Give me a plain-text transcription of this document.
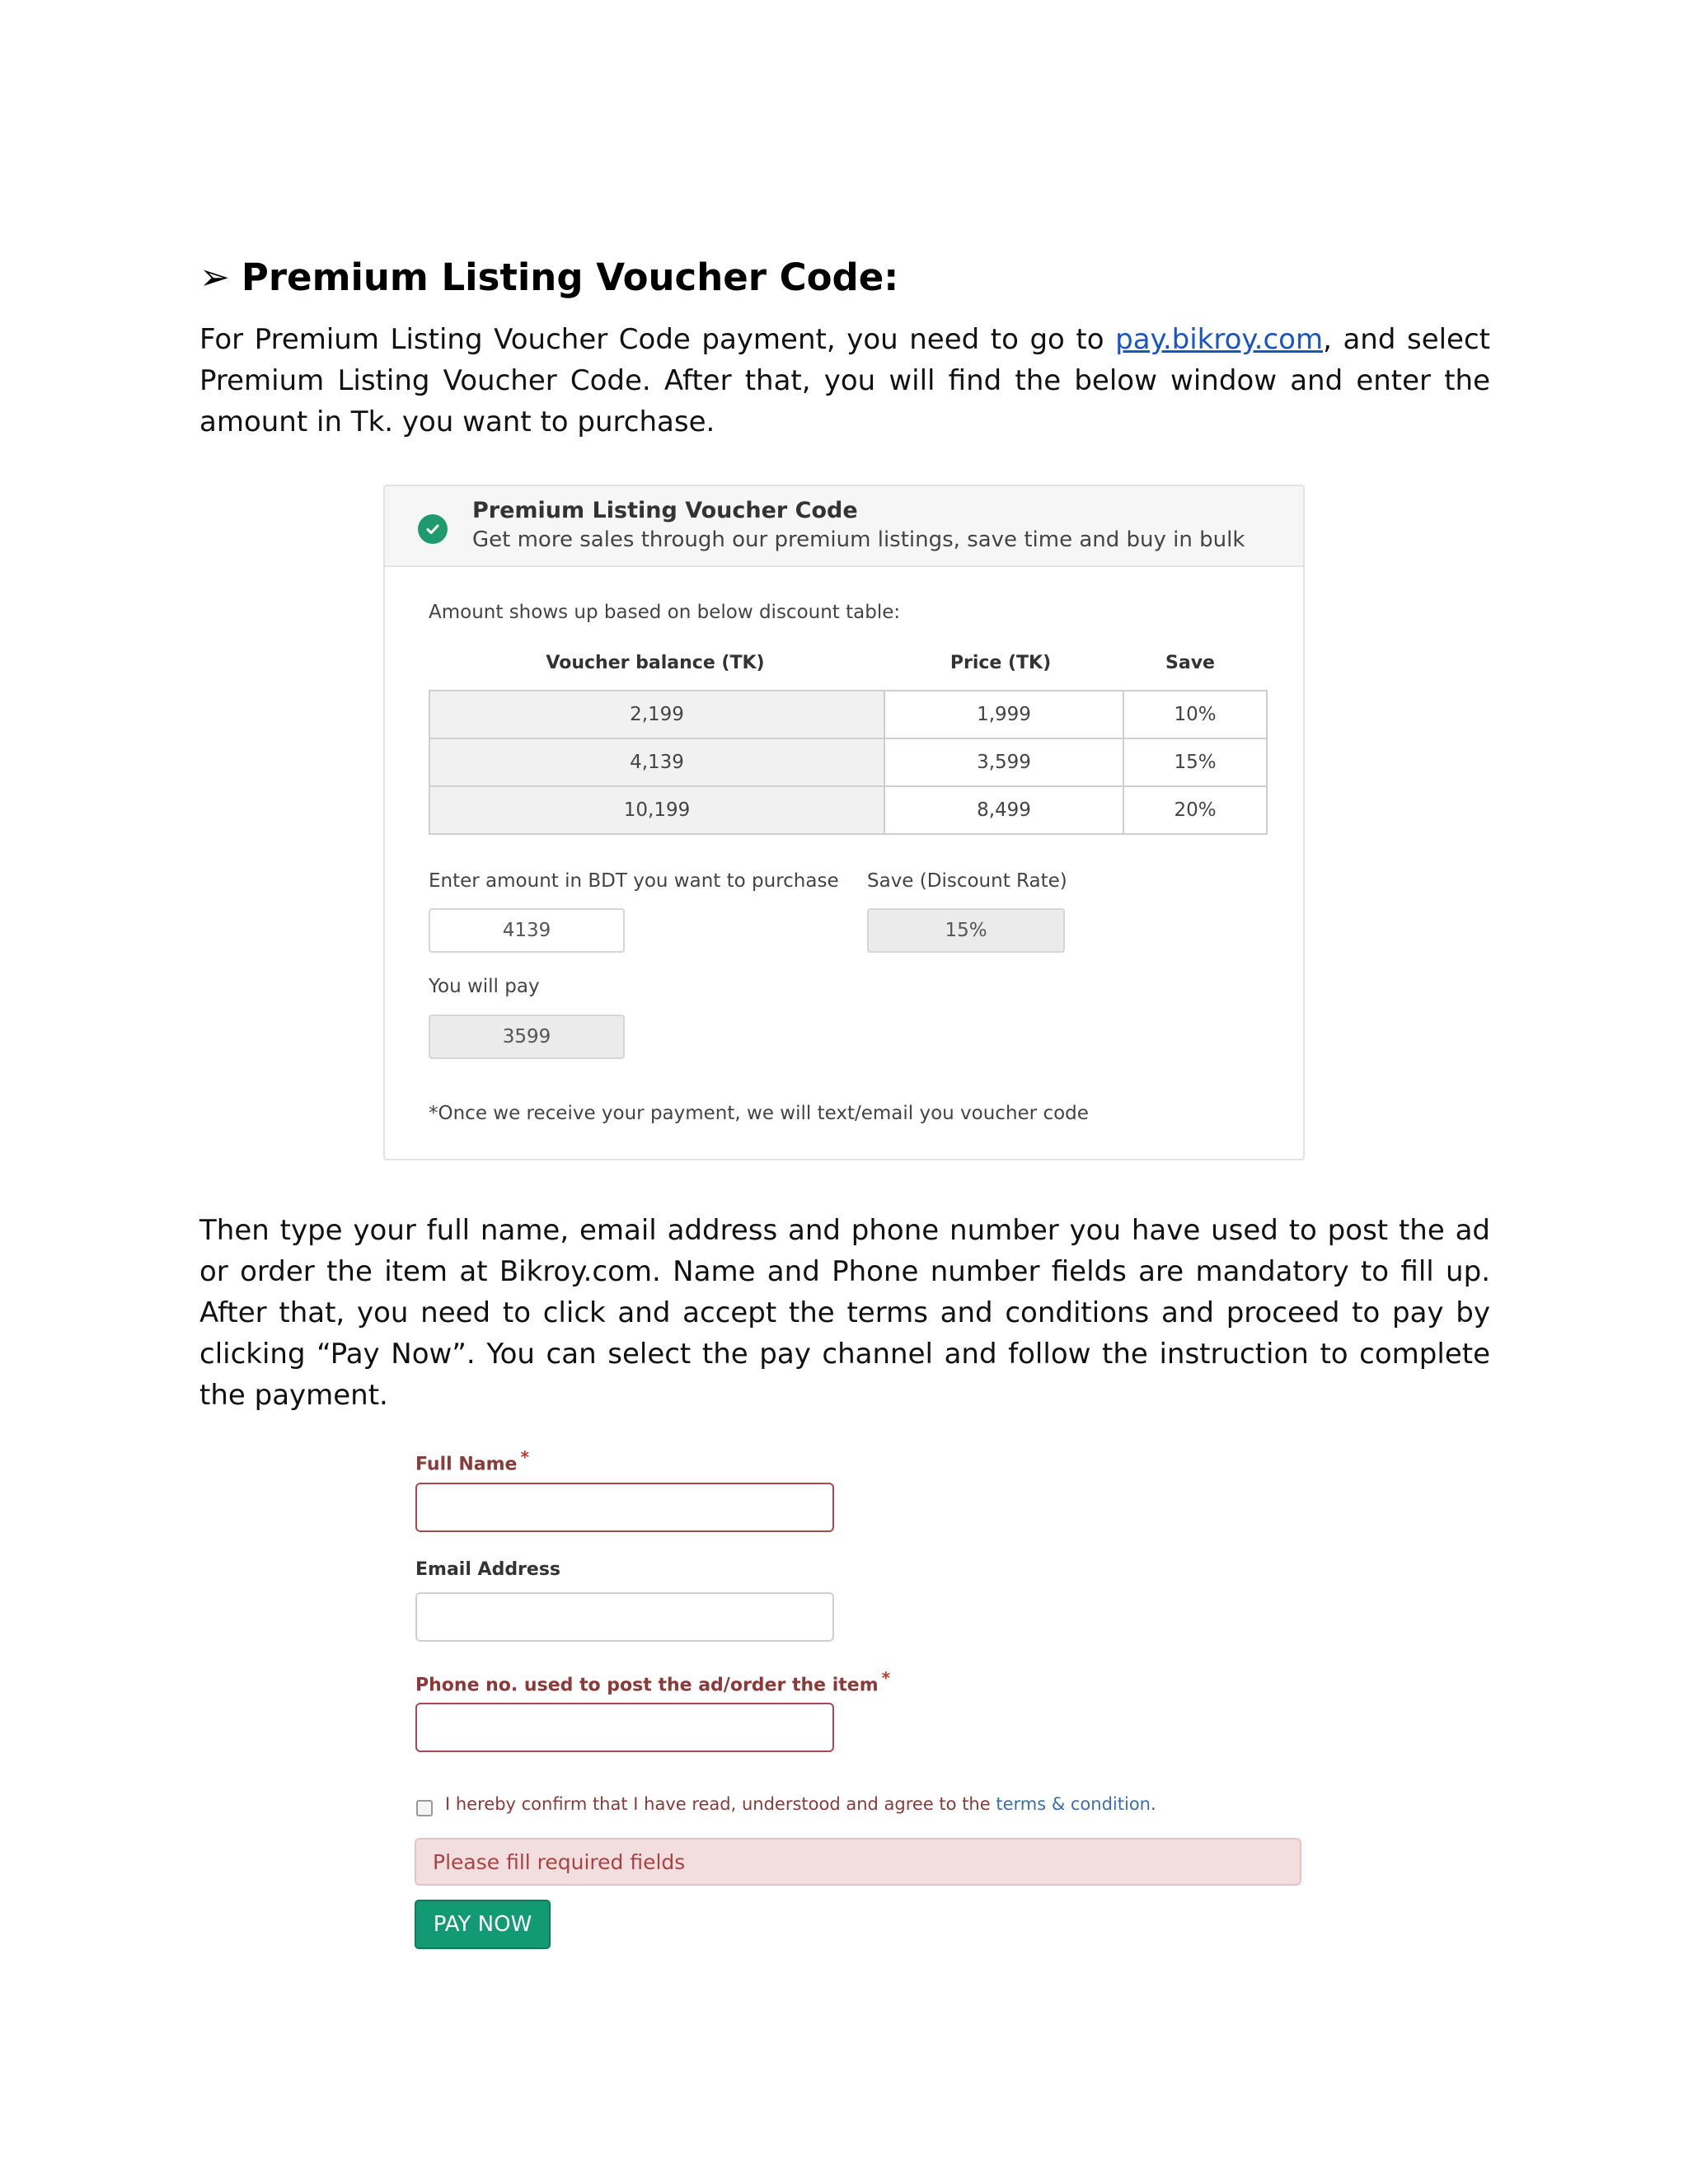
➢ Premium Listing Voucher Code:
For Premium Listing Voucher Code payment, you need to go to pay.bikroy.com, and select Premium Listing Voucher Code. After that, you will find the below window and enter the amount in Tk. you want to purchase.
Premium Listing Voucher Code
Get more sales through our premium listings, save time and buy in bulk
Amount shows up based on below discount table:
Voucher balance (TK)	Price (TK)	Save
2,199	1,999	10%
4,139	3,599	15%
10,199	8,499	20%
Enter amount in BDT you want to purchase
4139
Save (Discount Rate)
15%
You will pay
3599
*Once we receive your payment, we will text/email you voucher code
Then type your full name, email address and phone number you have used to post the ad or order the item at Bikroy.com. Name and Phone number fields are mandatory to fill up. After that, you need to click and accept the terms and conditions and proceed to pay by clicking “Pay Now”. You can select the pay channel and follow the instruction to complete the payment.
Full Name *
Email Address
Phone no. used to post the ad/order the item *
I hereby confirm that I have read, understood and agree to the terms & condition.
Please fill required fields
PAY NOW
